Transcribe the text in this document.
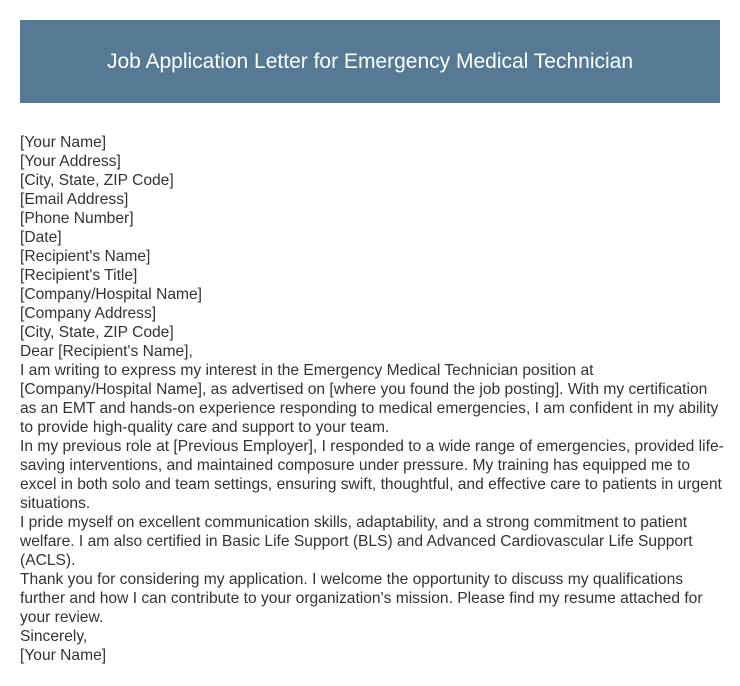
Job Application Letter for Emergency Medical Technician
[Your Name]
[Your Address]
[City, State, ZIP Code]
[Email Address]
[Phone Number]
[Date]
[Recipient's Name]
[Recipient's Title]
[Company/Hospital Name]
[Company Address]
[City, State, ZIP Code]
Dear [Recipient's Name],
I am writing to express my interest in the Emergency Medical Technician position at [Company/Hospital Name], as advertised on [where you found the job posting]. With my certification as an EMT and hands-on experience responding to medical emergencies, I am confident in my ability to provide high-quality care and support to your team.
In my previous role at [Previous Employer], I responded to a wide range of emergencies, provided life-saving interventions, and maintained composure under pressure. My training has equipped me to excel in both solo and team settings, ensuring swift, thoughtful, and effective care to patients in urgent situations.
I pride myself on excellent communication skills, adaptability, and a strong commitment to patient welfare. I am also certified in Basic Life Support (BLS) and Advanced Cardiovascular Life Support (ACLS).
Thank you for considering my application. I welcome the opportunity to discuss my qualifications further and how I can contribute to your organization's mission. Please find my resume attached for your review.
Sincerely,
[Your Name]
